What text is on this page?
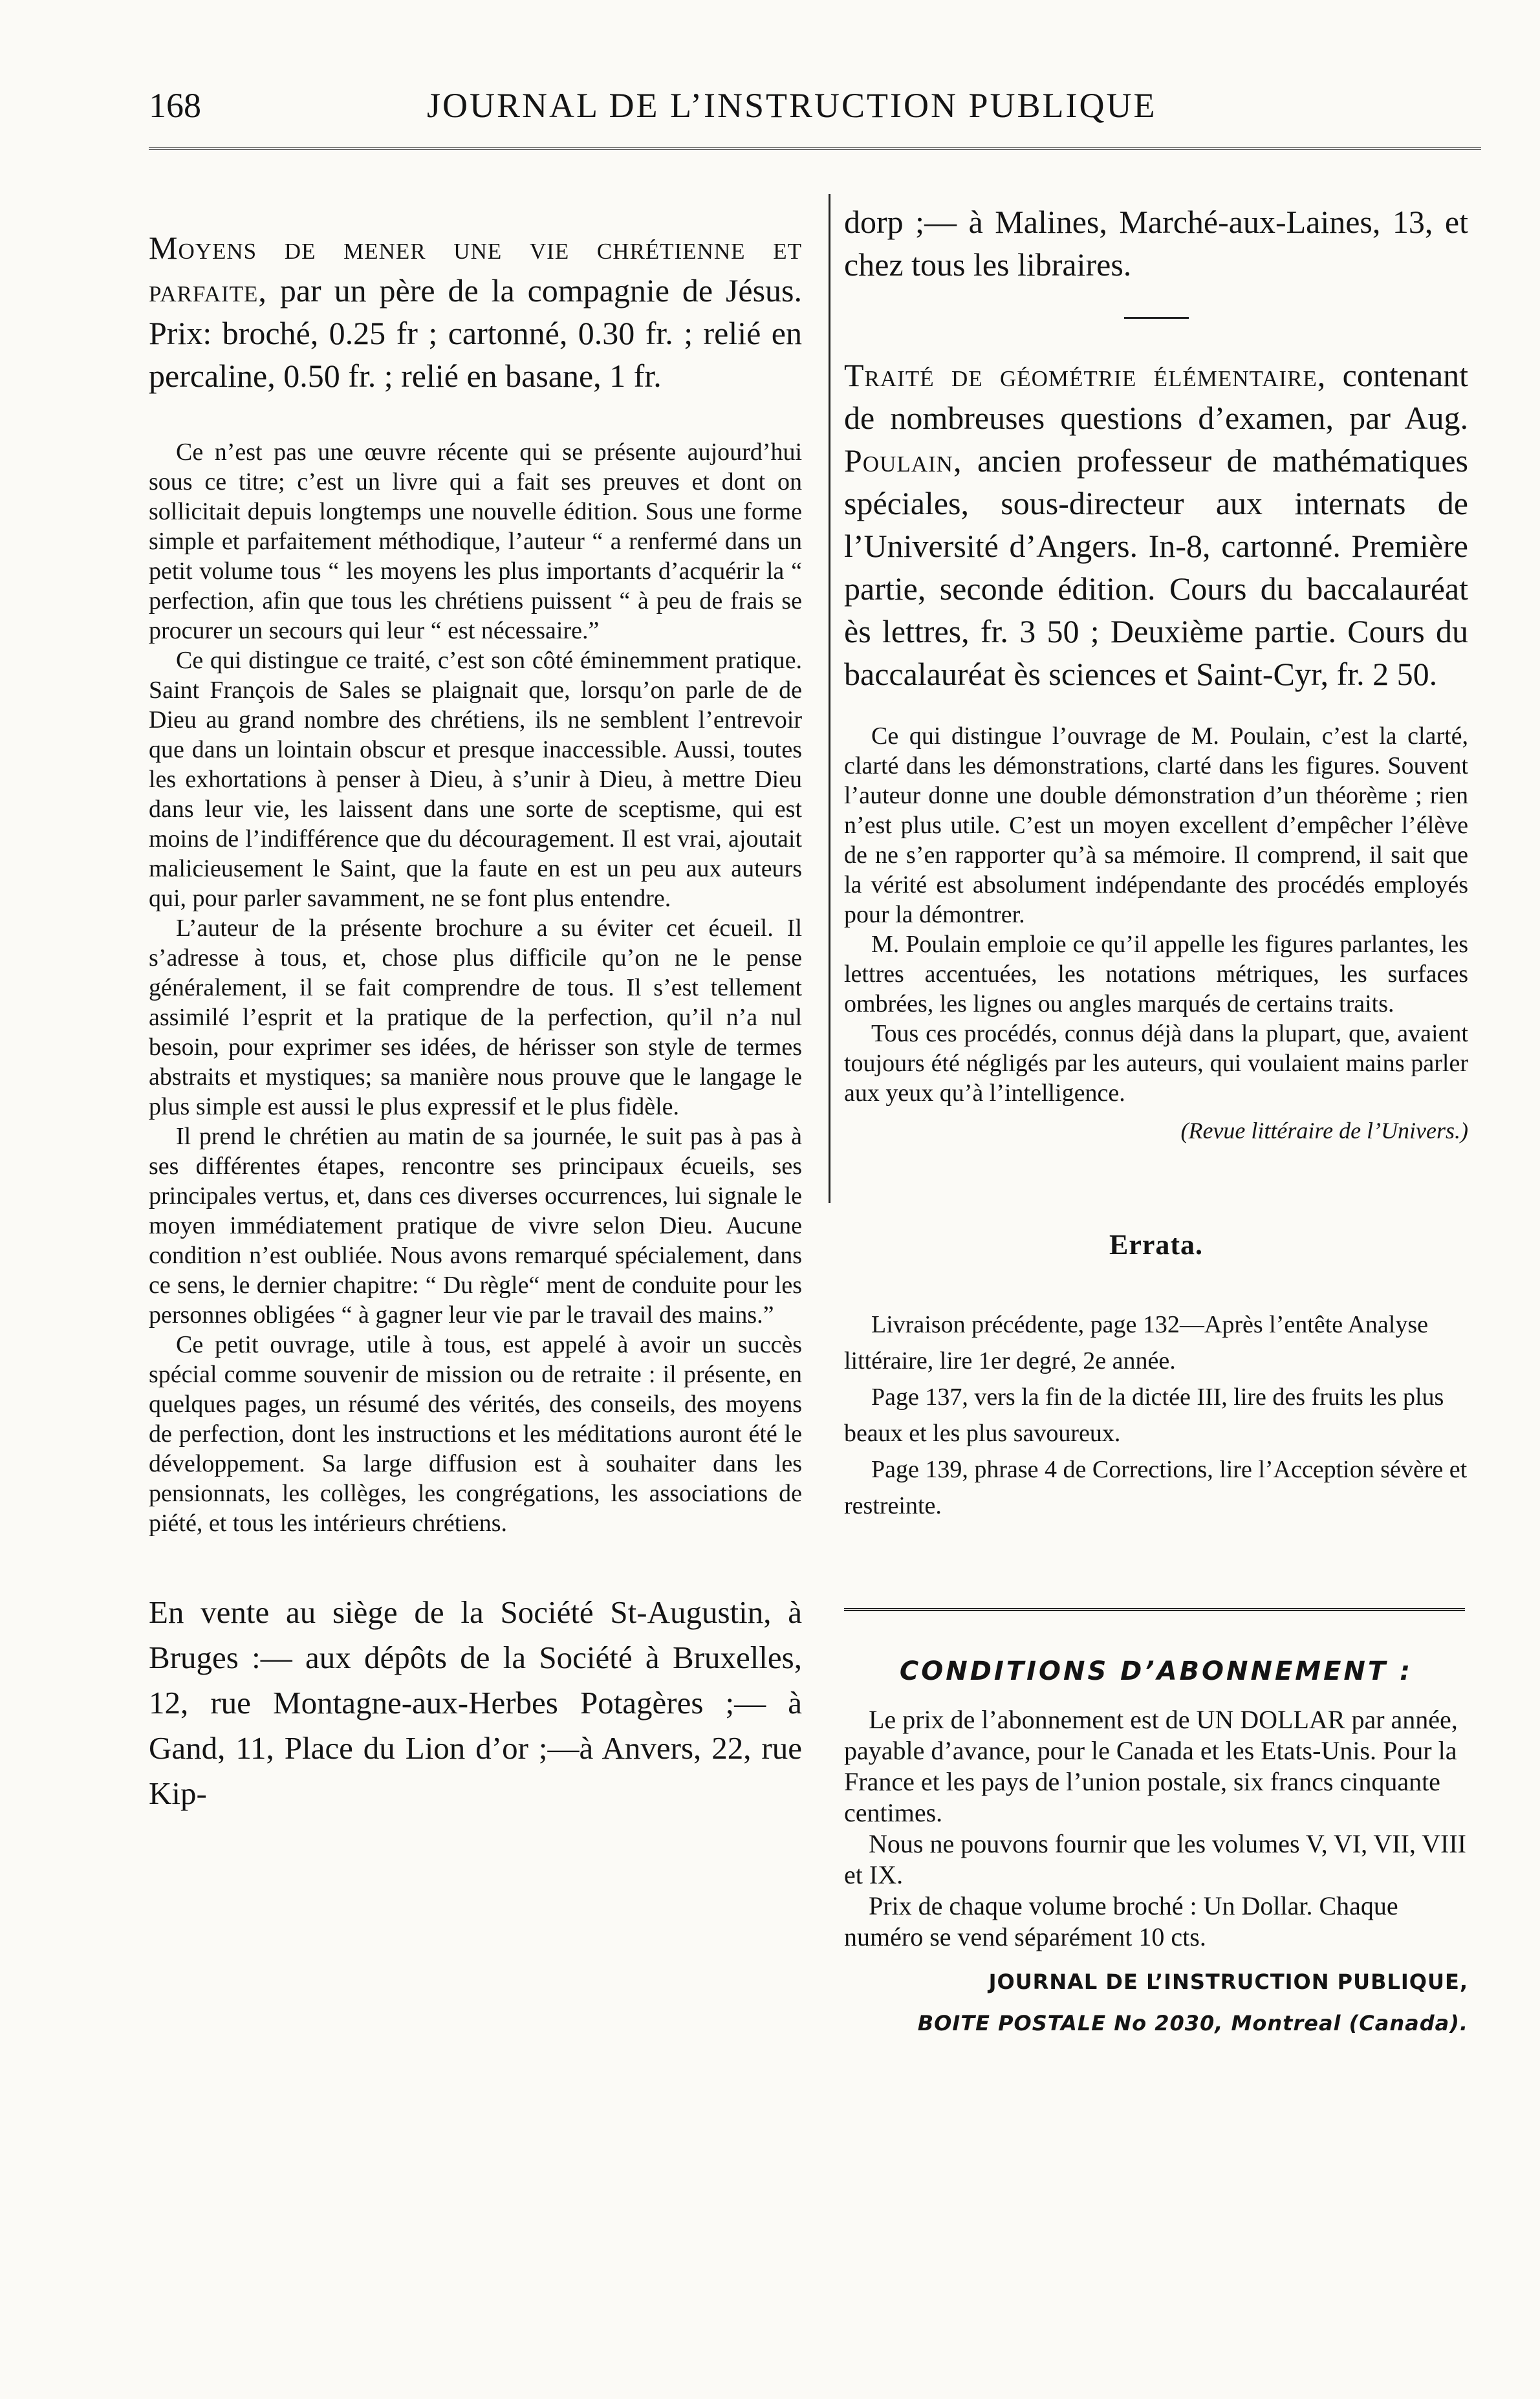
168	JOURNAL DE L’INSTRUCTION PUBLIQUE
Moyens de mener une vie chrétienne et parfaite, par un père de la compagnie de Jésus. Prix: broché, 0.25 fr ; cartonné, 0.30 fr. ; relié en percaline, 0.50 fr. ; relié en basane, 1 fr.

Ce n’est pas une œuvre récente qui se présente aujourd’hui sous ce titre; c’est un livre qui a fait ses preuves et dont on sollicitait depuis longtemps une nouvelle édition. Sous une forme simple et parfaitement méthodique, l’auteur “ a renfermé dans un petit volume tous “ les moyens les plus importants d’acquérir la “ perfection, afin que tous les chrétiens puissent “ à peu de frais se procurer un secours qui leur “ est nécessaire.”

Ce qui distingue ce traité, c’est son côté éminemment pratique. Saint François de Sales se plaignait que, lorsqu’on parle de de Dieu au grand nombre des chrétiens, ils ne semblent l’entrevoir que dans un lointain obscur et presque inaccessible. Aussi, toutes les exhortations à penser à Dieu, à s’unir à Dieu, à mettre Dieu dans leur vie, les laissent dans une sorte de sceptisme, qui est moins de l’indifférence que du découragement. Il est vrai, ajoutait malicieusement le Saint, que la faute en est un peu aux auteurs qui, pour parler savamment, ne se font plus entendre.

L’auteur de la présente brochure a su éviter cet écueil. Il s’adresse à tous, et, chose plus difficile qu’on ne le pense généralement, il se fait comprendre de tous. Il s’est tellement assimilé l’esprit et la pratique de la perfection, qu’il n’a nul besoin, pour exprimer ses idées, de hérisser son style de termes abstraits et mystiques; sa manière nous prouve que le langage le plus simple est aussi le plus expressif et le plus fidèle.

Il prend le chrétien au matin de sa journée, le suit pas à pas à ses différentes étapes, rencontre ses principaux écueils, ses principales vertus, et, dans ces diverses occurrences, lui signale le moyen immédiatement pratique de vivre selon Dieu. Aucune condition n’est oubliée. Nous avons remarqué spécialement, dans ce sens, le dernier chapitre: “ Du règle“ ment de conduite pour les personnes obligées “ à gagner leur vie par le travail des mains.”

Ce petit ouvrage, utile à tous, est appelé à avoir un succès spécial comme souvenir de mission ou de retraite : il présente, en quelques pages, un résumé des vérités, des conseils, des moyens de perfection, dont les instructions et les méditations auront été le développement. Sa large diffusion est à souhaiter dans les pensionnats, les collèges, les congrégations, les associations de piété, et tous les intérieurs chrétiens.

En vente au siège de la Société St-Augustin, à Bruges :— aux dépôts de la Société à Bruxelles, 12, rue Montagne-aux-Herbes Potagères ;— à Gand, 11, Place du Lion d’or ;—à Anvers, 22, rue Kip-
dorp ;— à Malines, Marché-aux-Laines, 13, et chez tous les libraires.
Traité de géométrie élémentaire, contenant de nombreuses questions d’examen, par Aug. Poulain, ancien professeur de mathématiques spéciales, sous-directeur aux internats de l’Université d’Angers. In-8, cartonné. Première partie, seconde édition. Cours du baccalauréat ès lettres, fr. 3 50 ; Deuxième partie. Cours du baccalauréat ès sciences et Saint-Cyr, fr. 2 50.

Ce qui distingue l’ouvrage de M. Poulain, c’est la clarté, clarté dans les démonstrations, clarté dans les figures. Souvent l’auteur donne une double démonstration d’un théorème ; rien n’est plus utile. C’est un moyen excellent d’empêcher l’élève de ne s’en rapporter qu’à sa mémoire. Il comprend, il sait que la vérité est absolument indépendante des procédés employés pour la démontrer.

M. Poulain emploie ce qu’il appelle les figures parlantes, les lettres accentuées, les notations métriques, les surfaces ombrées, les lignes ou angles marqués de certains traits.

Tous ces procédés, connus déjà dans la plupart, que, avaient toujours été négligés par les auteurs, qui voulaient mains parler aux yeux qu’à l’intelligence.

(Revue littéraire de l’Univers.)
Errata.

Livraison précédente, page 132—Après l’entête Analyse littéraire, lire 1er degré, 2e année.

Page 137, vers la fin de la dictée III, lire des fruits les plus beaux et les plus savoureux.

Page 139, phrase 4 de Corrections, lire l’Acception sévère et restreinte.

CONDITIONS D’ABONNEMENT :

Le prix de l’abonnement est de UN DOLLAR par année, payable d’avance, pour le Canada et les Etats-Unis. Pour la France et les pays de l’union postale, six francs cinquante centimes.

Nous ne pouvons fournir que les volumes V, VI, VII, VIII et IX.

Prix de chaque volume broché : Un Dollar. Chaque numéro se vend séparément 10 cts.

JOURNAL DE L’INSTRUCTION PUBLIQUE,
BOITE POSTALE No 2030, Montreal (Canada).
